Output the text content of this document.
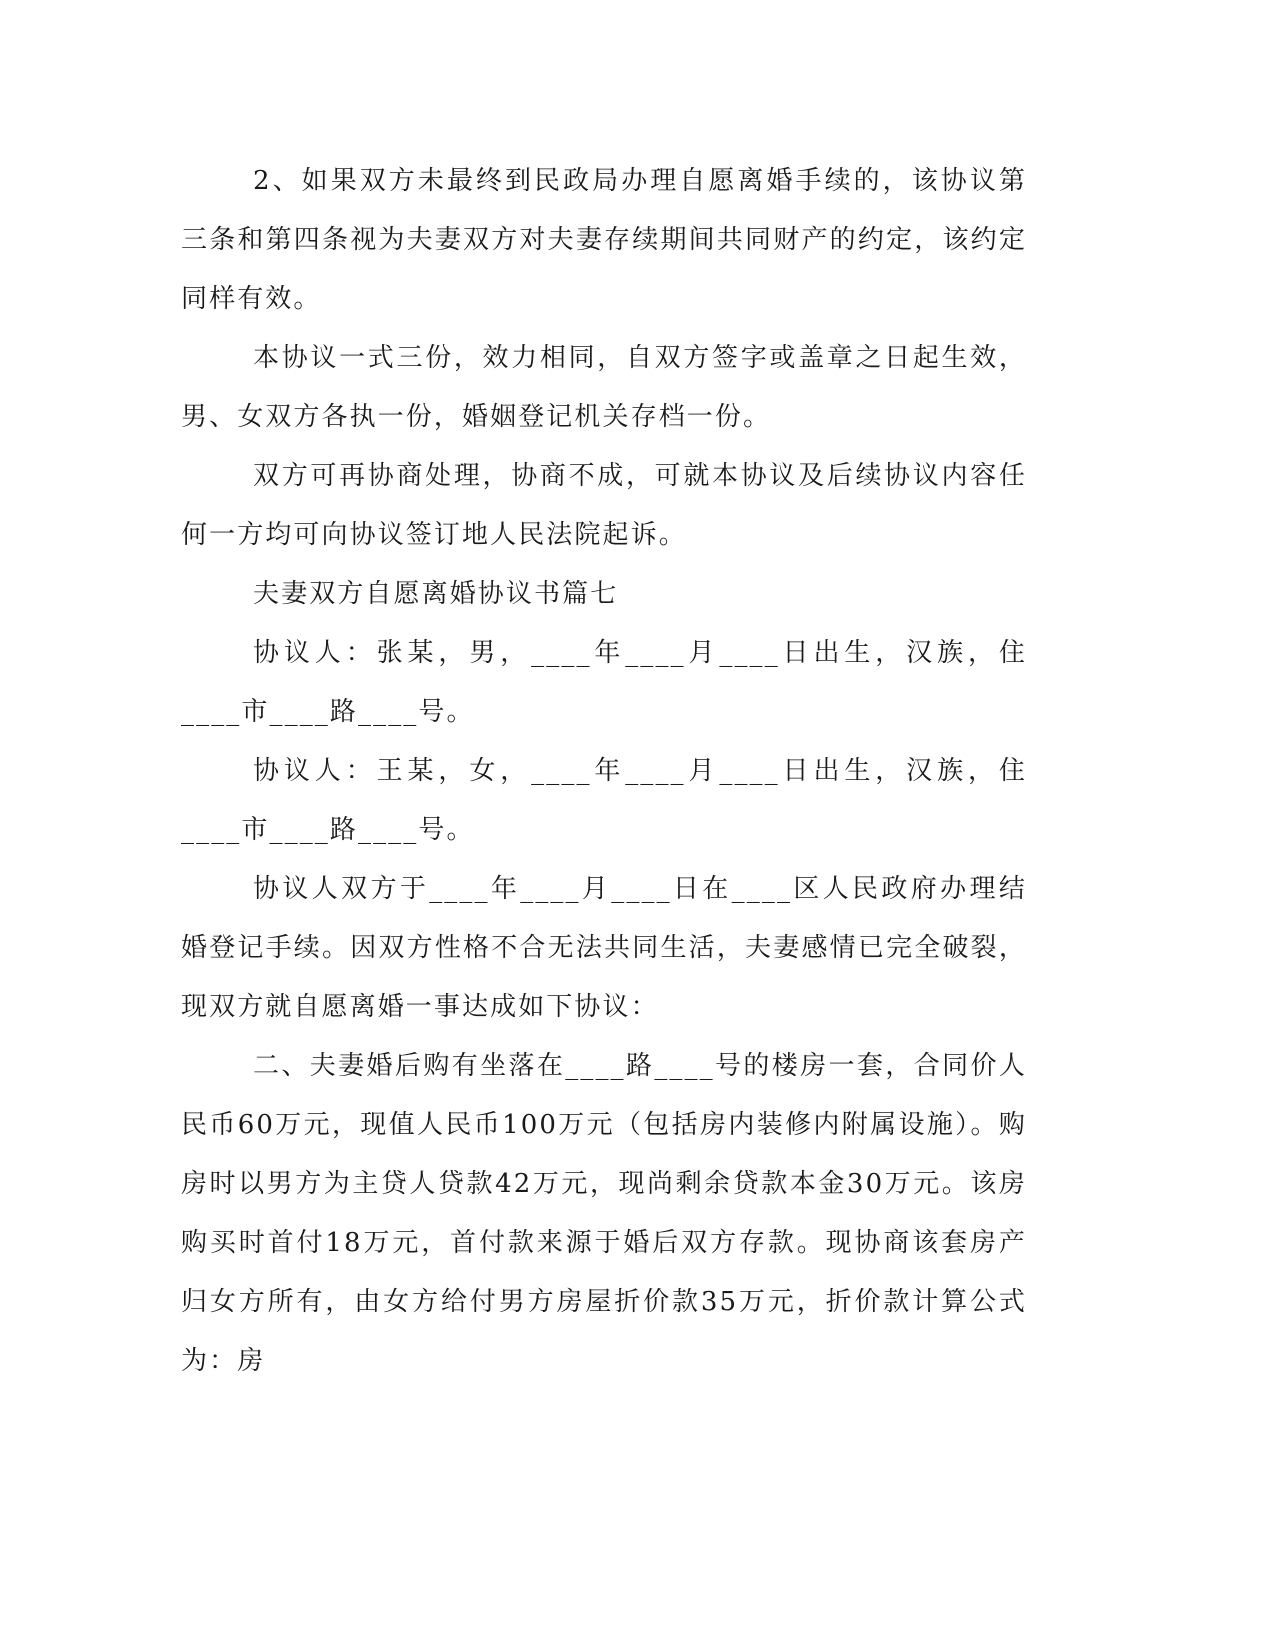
2、如果双方未最终到民政局办理自愿离婚手续的，该协议第三条和第四条视为夫妻双方对夫妻存续期间共同财产的约定，该约定同样有效。

本协议一式三份，效力相同，自双方签字或盖章之日起生效，男、女双方各执一份，婚姻登记机关存档一份。

双方可再协商处理，协商不成，可就本协议及后续协议内容任何一方均可向协议签订地人民法院起诉。

夫妻双方自愿离婚协议书篇七

协议人：张某，男，____年____月____日出生，汉族，住____市____路____号。

协议人：王某，女，____年____月____日出生，汉族，住____市____路____号。

协议人双方于____年____月____日在____区人民政府办理结婚登记手续。因双方性格不合无法共同生活，夫妻感情已完全破裂，现双方就自愿离婚一事达成如下协议：

二、夫妻婚后购有坐落在____路____号的楼房一套，合同价人民币60万元，现值人民币100万元（包括房内装修内附属设施）。购房时以男方为主贷人贷款42万元，现尚剩余贷款本金30万元。该房购买时首付18万元，首付款来源于婚后双方存款。现协商该套房产归女方所有，由女方给付男方房屋折价款35万元，折价款计算公式为：房
